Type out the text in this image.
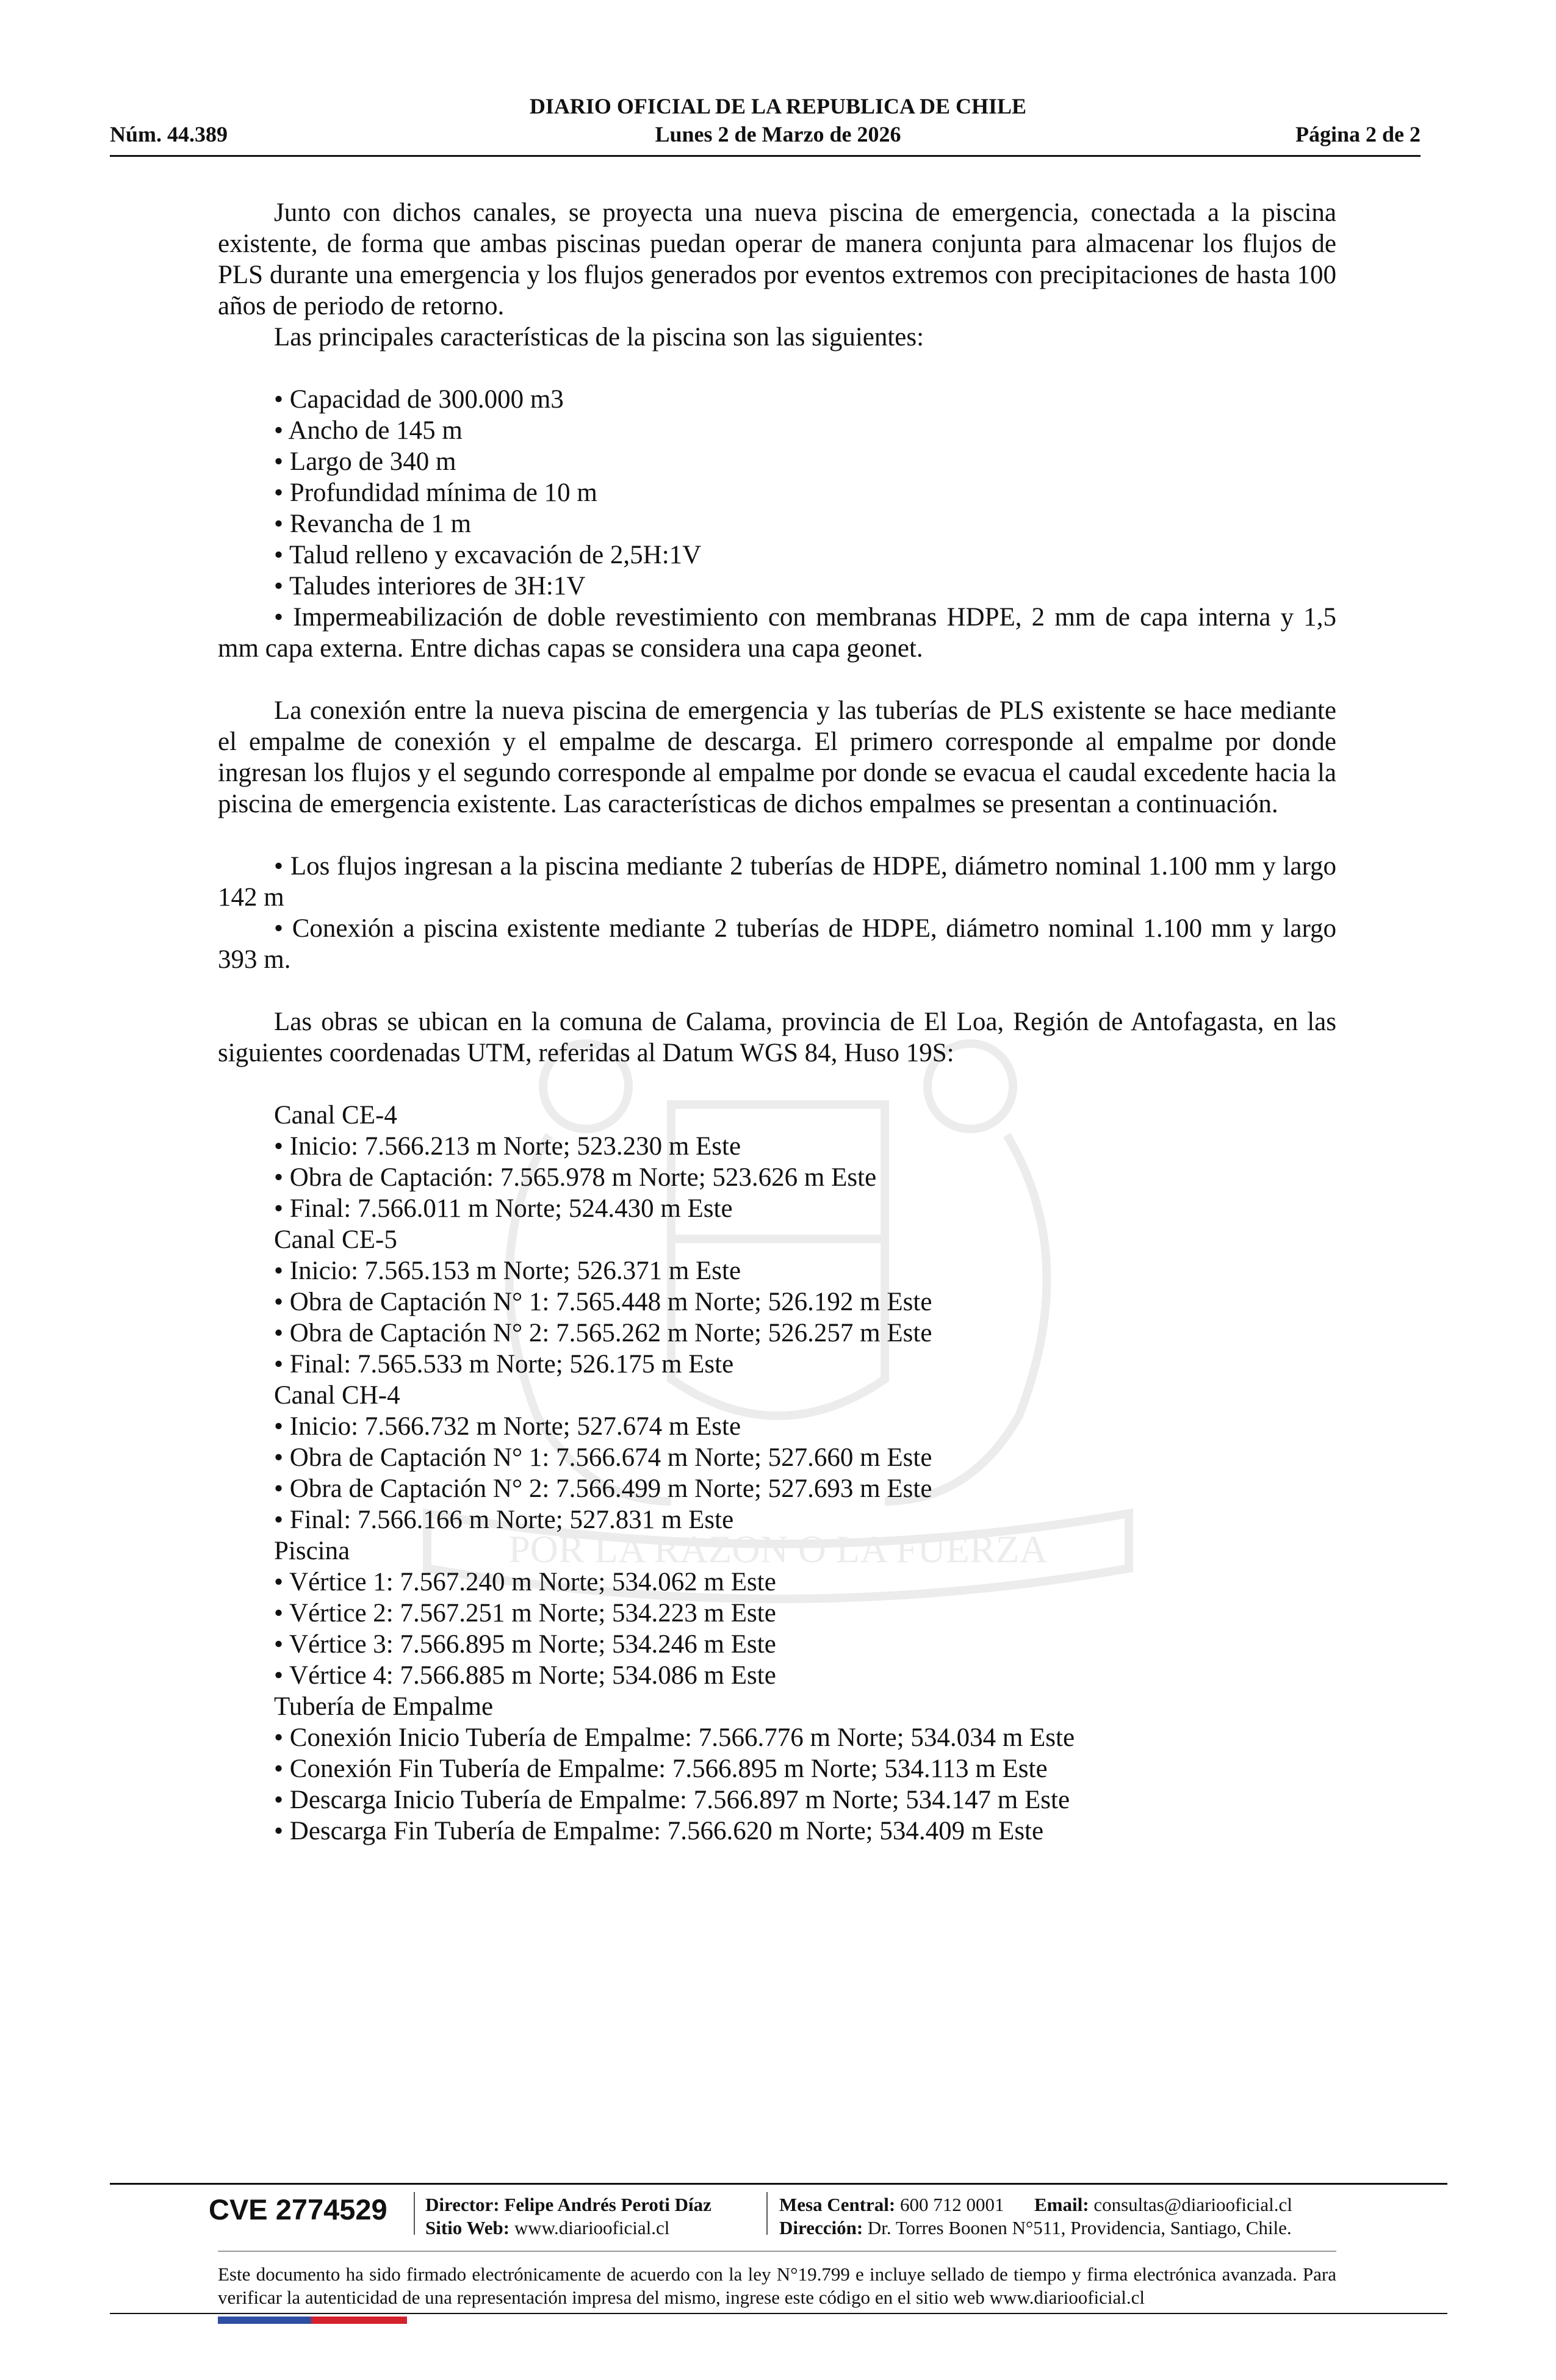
DIARIO OFICIAL DE LA REPUBLICA DE CHILE
Núm. 44.389	Lunes 2 de Marzo de 2026	Página 2 de 2
POR LA RAZON O LA FUERZA

Junto con dichos canales, se proyecta una nueva piscina de emergencia, conectada a la piscina existente, de forma que ambas piscinas puedan operar de manera conjunta para almacenar los flujos de PLS durante una emergencia y los flujos generados por eventos extremos con precipitaciones de hasta 100 años de periodo de retorno.

Las principales características de la piscina son las siguientes:

• Capacidad de 300.000 m3

• Ancho de 145 m

• Largo de 340 m

• Profundidad mínima de 10 m

• Revancha de 1 m

• Talud relleno y excavación de 2,5H:1V

• Taludes interiores de 3H:1V

• Impermeabilización de doble revestimiento con membranas HDPE, 2 mm de capa interna y 1,5 mm capa externa. Entre dichas capas se considera una capa geonet.

La conexión entre la nueva piscina de emergencia y las tuberías de PLS existente se hace mediante el empalme de conexión y el empalme de descarga. El primero corresponde al empalme por donde ingresan los flujos y el segundo corresponde al empalme por donde se evacua el caudal excedente hacia la piscina de emergencia existente. Las características de dichos empalmes se presentan a continuación.

• Los flujos ingresan a la piscina mediante 2 tuberías de HDPE, diámetro nominal 1.100 mm y largo 142 m

• Conexión a piscina existente mediante 2 tuberías de HDPE, diámetro nominal 1.100 mm y largo 393 m.

Las obras se ubican en la comuna de Calama, provincia de El Loa, Región de Antofagasta, en las siguientes coordenadas UTM, referidas al Datum WGS 84, Huso 19S:

Canal CE-4

• Inicio: 7.566.213 m Norte; 523.230 m Este

• Obra de Captación: 7.565.978 m Norte; 523.626 m Este

• Final: 7.566.011 m Norte; 524.430 m Este

Canal CE-5

• Inicio: 7.565.153 m Norte; 526.371 m Este

• Obra de Captación N° 1: 7.565.448 m Norte; 526.192 m Este

• Obra de Captación N° 2: 7.565.262 m Norte; 526.257 m Este

• Final: 7.565.533 m Norte; 526.175 m Este

Canal CH-4

• Inicio: 7.566.732 m Norte; 527.674 m Este

• Obra de Captación N° 1: 7.566.674 m Norte; 527.660 m Este

• Obra de Captación N° 2: 7.566.499 m Norte; 527.693 m Este

• Final: 7.566.166 m Norte; 527.831 m Este

Piscina

• Vértice 1: 7.567.240 m Norte; 534.062 m Este

• Vértice 2: 7.567.251 m Norte; 534.223 m Este

• Vértice 3: 7.566.895 m Norte; 534.246 m Este

• Vértice 4: 7.566.885 m Norte; 534.086 m Este

Tubería de Empalme

• Conexión Inicio Tubería de Empalme: 7.566.776 m Norte; 534.034 m Este

• Conexión Fin Tubería de Empalme: 7.566.895 m Norte; 534.113 m Este

• Descarga Inicio Tubería de Empalme: 7.566.897 m Norte; 534.147 m Este

• Descarga Fin Tubería de Empalme: 7.566.620 m Norte; 534.409 m Este

CVE 2774529 Director: Felipe Andrés Peroti Díaz
Sitio Web: www.diariooficial.cl
Mesa Central: 600 712 0001 Email: consultas@diariooficial.cl
Dirección: Dr. Torres Boonen N°511, Providencia, Santiago, Chile.
Este documento ha sido firmado electrónicamente de acuerdo con la ley N°19.799 e incluye sellado de tiempo y firma electrónica avanzada. Para verificar la autenticidad de una representación impresa del mismo, ingrese este código en el sitio web www.diariooficial.cl
